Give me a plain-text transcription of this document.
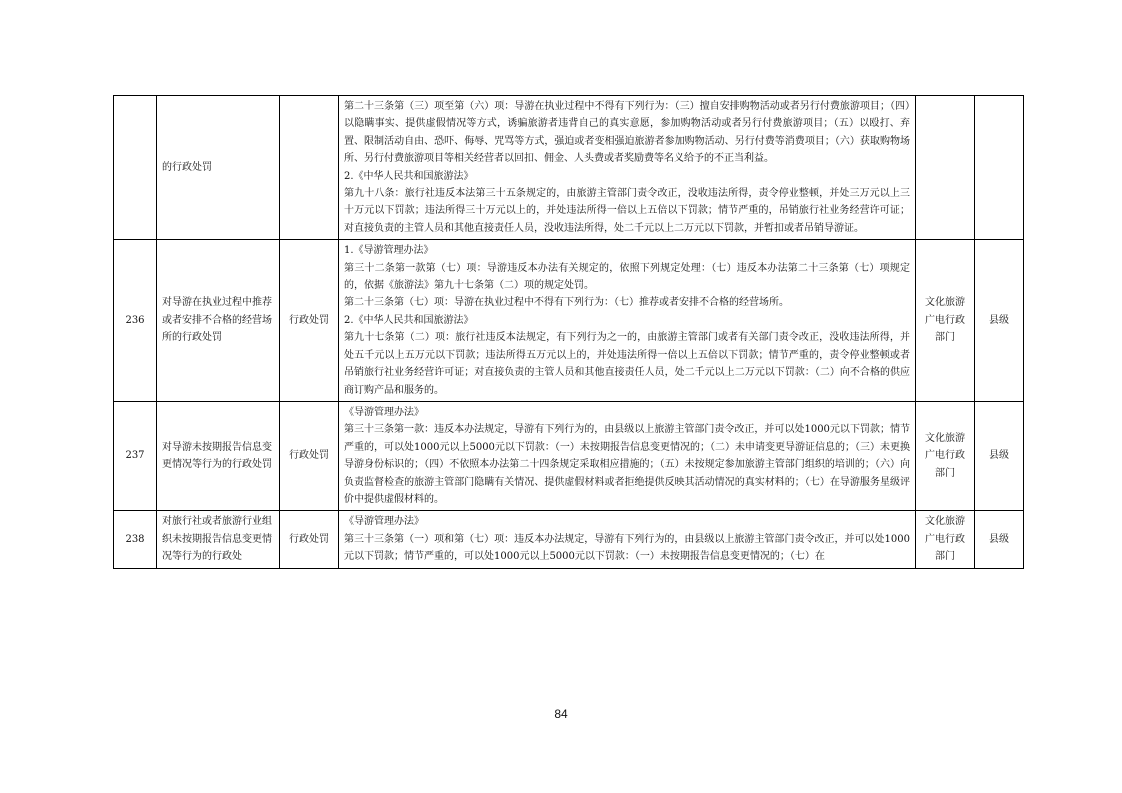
	的行政处罚		第二十三条第（三）项至第（六）项：导游在执业过程中不得有下列行为：（三）擅自安排购物活动或者另行付费旅游项目；（四）以隐瞒事实、提供虚假情况等方式，诱骗旅游者违背自己的真实意愿，参加购物活动或者另行付费旅游项目；（五）以殴打、弃置、限制活动自由、恐吓、侮辱、咒骂等方式，强迫或者变相强迫旅游者参加购物活动、另行付费等消费项目；（六）获取购物场所、另行付费旅游项目等相关经营者以回扣、佣金、人头费或者奖励费等名义给予的不正当利益。
2.《中华人民共和国旅游法》
第九十八条：旅行社违反本法第三十五条规定的，由旅游主管部门责令改正，没收违法所得，责令停业整顿，并处三万元以上三十万元以下罚款；违法所得三十万元以上的，并处违法所得一倍以上五倍以下罚款；情节严重的，吊销旅行社业务经营许可证；对直接负责的主管人员和其他直接责任人员，没收违法所得，处二千元以上二万元以下罚款，并暂扣或者吊销导游证。		

236	对导游在执业过程中推荐或者安排不合格的经营场所的行政处罚	行政处罚	1.《导游管理办法》
第三十二条第一款第（七）项：导游违反本办法有关规定的，依照下列规定处理：（七）违反本办法第二十三条第（七）项规定的，依据《旅游法》第九十七条第（二）项的规定处罚。
第二十三条第（七）项：导游在执业过程中不得有下列行为：（七）推荐或者安排不合格的经营场所。
2.《中华人民共和国旅游法》
第九十七条第（二）项：旅行社违反本法规定，有下列行为之一的，由旅游主管部门或者有关部门责令改正，没收违法所得，并处五千元以上五万元以下罚款；违法所得五万元以上的，并处违法所得一倍以上五倍以下罚款；情节严重的，责令停业整顿或者吊销旅行社业务经营许可证；对直接负责的主管人员和其他直接责任人员，处二千元以上二万元以下罚款：（二）向不合格的供应商订购产品和服务的。	文化旅游广电行政部门	县级
237	对导游未按期报告信息变更情况等行为的行政处罚	行政处罚	《导游管理办法》
第三十三条第一款：违反本办法规定，导游有下列行为的，由县级以上旅游主管部门责令改正，并可以处1000元以下罚款；情节严重的，可以处1000元以上5000元以下罚款：（一）未按期报告信息变更情况的；（二）未申请变更导游证信息的；（三）未更换导游身份标识的；（四）不依照本办法第二十四条规定采取相应措施的；（五）未按规定参加旅游主管部门组织的培训的；（六）向负责监督检查的旅游主管部门隐瞒有关情况、提供虚假材料或者拒绝提供反映其活动情况的真实材料的；（七）在导游服务星级评价中提供虚假材料的。	文化旅游广电行政部门	县级
238	对旅行社或者旅游行业组织未按期报告信息变更情况等行为的行政处	行政处罚	《导游管理办法》
第三十三条第（一）项和第（七）项：违反本办法规定，导游有下列行为的，由县级以上旅游主管部门责令改正，并可以处1000元以下罚款；情节严重的，可以处1000元以上5000元以下罚款：（一）未按期报告信息变更情况的；（七）在	文化旅游广电行政部门	县级
84
